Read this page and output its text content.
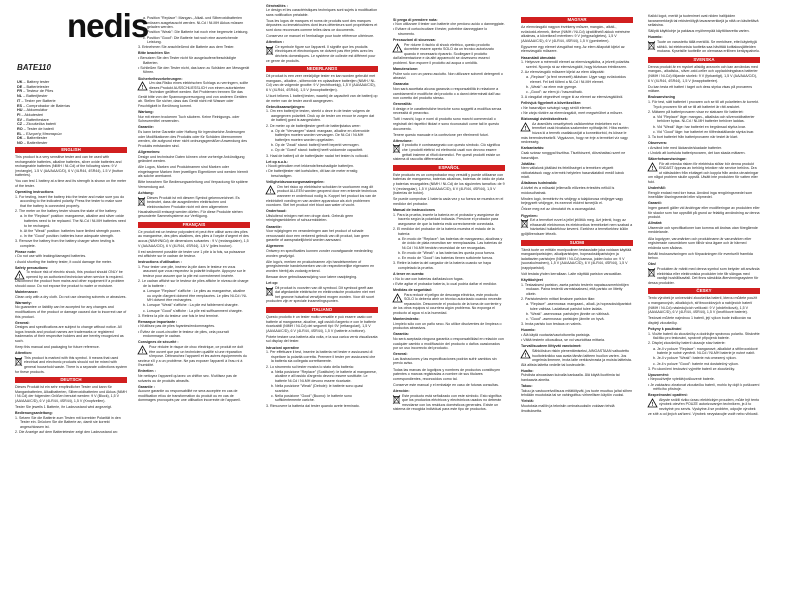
nedis
BATE110
UK – Battery tester
DE – Batterietester
FR – Testeur de Piles
NL – Batterijtester
IT – Tester per Batterie
ES – Comprobador de Baterías
HU – Akkumulátor
FI – Akkutesteri
SV – Batteritestare
CZ – Zkoušečka baterií
RO – Tester de baterii
EL – Ελεγκτής Μπαταριών
DK – Batteritester
NO – Batteritester
ENGLISH
This product is a very sensitive tester and can be used with rechargeable batteries, alkaline batteries, silver oxide batteries and rechargeable batteries (NiMH / Ni-Cd) of the following sizes: 9 V (rectangle), 1.5 V (AA/AAA/C/D), 6 V (4LR44, 4SR44), 1.5 V (button batteries).
You can test 1 battery at a time and its strength is shown on the meter of the tester.
Operating instructions
1. For testing, insert the battery into the tester and make sure you do according to the indicated polarity. Press the tester to make sure that the battery is connected properly.
2. The meter on the battery tester shows the state of the battery:
a. In the "Replace" position: manganese, alkaline and silver oxide batteries need to be replaced. The Ni-Cd / Ni-MH batteries need to be recharged.
b. At the "Weak" position: batteries have limited strength power.
c. In the "Good" position: batteries have adequate strength.
3. Remove the battery from the battery charger when testing is complete.
Please note:
• Do not use with leaking/damaged batteries.
• Avoid shorting the battery tester, it could damage the meter.
Safety precautions:
!
To reduce risk of electric shock, this product should ONLY be opened by an authorized technician when service is required. Disconnect the product from mains and other equipment if a problem should occur. Do not expose the product to water or moisture.
Maintenance:
Clean only with a dry cloth. Do not use cleaning solvents or abrasives.
Warranty:
No guarantee or liability can be accepted for any changes and modifications of the product or damage caused due to incorrect use of this product.
General:
Designs and specifications are subject to change without notice. All logos brands and product names are trademarks or registered trademarks of their respective holders and are hereby recognized as such.
Keep this manual and packaging for future reference.
Attention:
This product is marked with this symbol. It means that used electrical and electronic products should not be mixed with general household waste. There is a separate collections system for these products.
DEUTSCH
Dieses Produkt ist ein sehr empfindlicher Tester und kann für Manganbatterien, Alkalibatterien, Silberoxidbatterien und Akkus (NiMH / Ni-Cd) der folgenden Größen benutzt werden: 9 V (Block), 1,5 V (AA/AAA/C/D), 6 V (4LR44, 4SR44), 1,5 V (Knopfzellen).
Tester Sie jeweils 1 Batterie, ihr Ladezustand wird angezeigt.
Bedienungsanleitung:
1. Setzen Sie die Batterie zum Testen mit korrekter Polarität in den Tester ein. Drücken Sie die Batterie an, damit sie korrekt angeschlossen ist.
2. Die Anzeige auf dem Batterietester zeigt den Ladezustand an:
a. Position "Replace": Mangan-, Alkali- und Silberoxidbatterien müssen ausgetauscht werden. Ni-Cd / Ni-MH Akkus müssen geladen werden.
b. Position "Weak": Die Batterie hat noch eine begrenzte Leistung.
c. Position "Good": Die Batterie hat noch eine ausreichende Leistung.
3. Entnehmen Sie anschließend die Batterie aus dem Tester.
Bitte beachten Sie:
• Benutzen Sie den Tester nicht für ausgelaufene/beschädigte Batterien.
• Schließen Sie den Tester nicht, das kann zu Schäden am Messgerät führen.
Sicherheitsvorkehrungen:
!
Um das Risiko eines elektrischen Schlags zu verringern, sollte dieses Produkt AUSSCHLIESSLICH von einem autorisierten Techniker geöffnet werden. Bei Problemen trennen Sie das Gerät bitte von der Spannungsversorgung und von anderen Geräten ab. Stellen Sie sicher, dass das Gerät nicht mit Wasser oder Feuchtigkeit in Berührung kommt.
Wartung:
Nur mit einem trockenen Tuch säubern. Keine Reinigungs- oder Scheuermittel verwenden.
Garantie:
Es kann keine Garantie oder Haftung für irgendwelche Änderungen oder Modifikationen des Produkts oder für Schäden übernommen werden, die aufgrund einer nicht ordnungsgemäßen Anwendung des Produkts entstanden sind.
Allgemeines:
Design und technische Daten können ohne vorherige Ankündigung geändert werden.
Alle Logos, Marken und Produktnamen sind Marken oder eingetragene Marken ihrer jeweiligen Eigentümer und werden hiermit als solche anerkannt.
Bitte bewahren Sie Bedienungsanleitung und Verpackung für spätere Verwendung auf.
Achtung:
Dieses Produkt ist mit diesem Symbol gekennzeichnet. Es bedeutet, dass die ausgedienten elektrischen und elektronischen Produkte nicht mit dem allgemeinen Haushaltsmüll entsorgt werden dürfen. Für diese Produkte stehen gesonderte Sammelsysteme zur Verfügung.
FRANÇAIS
Ce produit est un testeur polyvalent et peut être utilisé avec des piles au manganèse, des piles alcalines, des piles à l'oxyde d'argent et des accus (NiMH/NiCd) de dimensions suivantes : 9 V (rectangulaire), 1,5 V (AA/AAA/C/D), 6 V (4LR44, 4SR44), 1,5 V (piles bouton).
Il est seulement possible de tester une 1 pile à la fois, sa puissance est affichée sur le cadran de testeur.
Instructions d'utilisation :
1. Pour tester une pile, insérez la pile dans le testeur en vous assurant que vous respectez la polarité indiquée. Appuyez sur le testeur pour assurer que la pile est correctement insérée.
2. Le cadran affiché sur le testeur de piles affiche le niveau de charge de la batterie :
a. Lorsque "Replace" s'affiche : Le piles au manganèse, alcaline ou oxyde d'argent doivent être remplacées. Le piles Ni-Cd / Ni-MH doivent être rechargées.
b. Lorsque "Weak" s'affiche : La pile est faiblement chargée.
c. Lorsque "Good" s'affiche : La pile est suffisamment chargée.
3. Retirez la pile du testeur une fois le test terminé.
Remarque importante :
• N'utilisez pas de piles fuyantes/endommagées.
• Évitez de court-circuiter le testeur de piles, cela pourrait endommager le cadran.
Consignes de sécurité :
!
Pour réduire le risque de choc électrique, ce produit ne doit être ouvert que par un technicien qualifié si une réparation s'impose. Débranchez l'appareil et les autres équipements du secteur s'il y a un problème. Ne pas exposer l'appareil à l'eau ni à l'humidité.
Entretien :
Ne nettoyez l'appareil qu'avec un chiffon sec. N'utilisez pas de solvants ou de produits abrasifs.
Garantie :
Aucune garantie ou responsabilité ne sera acceptée en cas de modification et/ou de transformation du produit ou en cas de dommages provoqués par une utilisation incorrecte de l'appareil.
Généralités :
Le design et les caractéristiques techniques sont sujets à modification sans notification préalable.
Tous les logos de marques et noms de produits sont des marques déposées ou immatriculées dont leurs détenteurs sont propriétaires et sont donc reconnues comme telles dans ce documents.
Conservez ce manuel et l'emballage pour toute référence ultérieure.
Attention :
Ce symbole figure sur l'appareil. Il signifie que les produits électriques et électroniques ne doivent pas être jetés avec les déchets domestiques. Le système de collecte est différent pour ce genre de produits.
NEDERLANDS
Dit product is een zeer veelzijdige tester en kan worden gebruikt met mangaan-, alkaline-, silberoxide en oplaadbare batterijen (NiMH / Ni-Cd) van de volgende grootte: 9 V (rechthoekig), 1,5 V (AA/AAA/C/D), 6 V (4LR44, 4SR44), 1,5 V (knoopbatterijen).
U kunt telkens 1 batterij testen, waarbij de capaciteit van de batterij op de meter van de tester wordt aangegeven.
Gebruiksaanwijzingen:
1. Om een batterij te testen, steekt u deze in de tester volgens de aangegeven polariteit. Druk op de tester om ervoor te zorgen dat de batterij goed is aangesloten.
2. De meter op de batterijtester geeft de batterijstatus weer:
a. Op de "Vervangen" stand: mangaan, alkaline en zilveroxide batterijen moeten worden vervangen. De Ni-Cd / Ni-MH batterijen moeten worden opgeladen.
b. Op de "Zwak" stand: batterij heeft beperkt vermogen.
c. Op de "Goed" stand: batterij heeft voldoende capaciteit.
3. Haal de batterij uit de batterijlader nadat het testen is voltooid.
Let op a.u.b.:
• Nooit gebruiken met lekkende/beschadigde batterijen.
• De batterijtester niet kortsluiten, dit kan de meter ernstig beschadigen.
Veiligheidsvoorzorgsmaatregelen:
!
Om het risico op elektrische schokken te voorkomen mag dit product ALLEEN worden geopend door een erkende technicus wanneer er onderhoud nodig is. Koppel het product los van de elektriciteit voeding en van andere apparatuur als zich problemen voordoen. Stel het product niet bloot aan water of vocht.
Onderhoud:
Uitsluitend reinigen met een droge doek. Gebruik geen reinigingsmiddelen of schuurmiddelen.
Garantie:
Voor wijzigingen en veranderingen aan het product of schade veroorzaakt door een verkeerd gebruik van dit product, kan geen garantie of aansprakelijkheid worden aanvaard.
Algemeen:
Ontwerp en specificaties kunnen zonder voorafgaande mededeling worden gewijzigd.
Alle logo's, merken en productnamen zijn handelsmerken of geregistreerde handelsmerken van de respectievelijke eigenaren en worden hierbij als zodanig erkend.
Bewaar deze gebruiksaanwijzing voor latere raadpleging.
Let op:
Dit product is voorzien van dit symbool. Dit symbool geeft aan dat afgedankte elektrische en elektronische producten niet met het gewone huisafval verwijderd mogen worden. Voor dit soort producten zijn er speciale inzamelingspunten.
ITALIANO
Questo prodotto è un tester molto versatile e può essere usato con batterie al manganese, alcaline, agli ossidi d'argento e con le batterie ricaricabili (NiMH / Ni-Cd) dei seguenti tipi: 9V (rettangolari), 1,5 V (AA/AAA/C/D), 6 V (4LR44, 4SR44), 1,5 V (batterie a bottone).
Potete testare una batteria alla volta, e la sua carica verrà visualizzata sul display del tester.
Istruzioni operative
1. Per effettuare il test, inserire la batteria nel tester e assicurarsi di rispettare la polarità corretta. Premere il tester per assicurarsi che la batteria sia collegata correttamente.
2. Lo strumento sul tester mostra lo stato della batteria:
a. Nella posizione "Replace" (Sostituire): le batterie al manganese, alcaline e all'ossido d'argento devono essere sostituite. Le batterie Ni-Cd / Ni-MH devono essere ricaricate.
b. Nella posizione "Weak" (Debole): le batterie sono quasi scariche.
c. Nella posizione "Good" (Buono): le batterie sono sufficientemente cariche.
3. Rimuovere la batteria dal tester quando avete terminato.
Si prega di prendere nota:
• Non utilizzare il tester con batterie che perdono acido o danneggiate.
• Evitare di cortocircuitare il tester, potrebbe danneggiare lo strumento.
Precauzioni di sicurezza:
!
Per ridurre il rischio di shock elettrico, questo prodotto dovrebbe essere aperto SOLO da un tecnico autorizzato quando è necessario ripararlo. Scollegare il prodotto dall'alimentazione e da altri apparecchi se dovessero esserci problemi. Non esporre il prodotto ad acqua o umidità.
Manutenzione:
Pulire solo con un panno asciutto. Non utilizzare solventi detergenti o abrasivi.
Garanzia:
Non sarà accettata alcuna garanzia o responsabilità in relazione a cambiamenti e modifiche del prodotto o a danni determinati dall'uso non corretto del prodotto stesso.
Generalità:
Il design e le caratteristiche tecniche sono soggetti a modifica senza necessità di preavviso.
Tutti i marchi, logo e nomi di prodotto sono marchi commerciali o registrati dei rispettivi titolari e sono riconosciuti come tali in questo documento.
Tenere questo manuale e la confezione per riferimenti futuri.
Attenzione:
Il prodotto è contrassegnato con questo simbolo. Ciò significa che i prodotti elettrici ed elettronici usati non devono essere gettati insieme ai rifiuti domestici. Per questi prodotti esiste un sistema di raccolta differenziata.
ESPAÑOL
Este producto es un comprobador muy versátil y puede utilizarse con baterías de manganeso, baterías alcalinas, baterías de óxido de plata y baterías recargables (NiMH / Ni-Cd) de los siguientes tamaños: de 9 V (rectangular), 1,5 V (AA/AAA/C/D), 6 V (4LR44, 4SR44), 1,5 V (baterías de botón).
Se puede comprobar 1 batería cada vez y su fuerza se muestra en el medidor del probador.
Manual de instrucciones
1. Para la prueba, inserte la batería en el probador y asegúrese de hacerlo según la polaridad indicada. Presione el probador para asegurarse de que la batería está correctamente conectada.
2. El medidor del probador de la batería muestra el estado de la batería:
a. En modo de "Replace": las baterías de manganeso, alcalinas y de óxido de plata necesitan ser reemplazadas. Las baterías de Ni-Cd / Ni-MH tendrán necesidad de ser recargadas.
b. En modo de "Weak": a las baterías les queda poca fuerza.
c. En modo de "Good": las baterías tienen suficiente fuerza.
3. Retire la batería del cargador de la batería cuando se haya completado la prueba.
A tener en cuenta:
• No lo use con baterías dañadas/con fugas.
• Evite agitar el probador batería, lo cual podría dañar el medidor.
Medidas de seguridad:
!
Para reducir el peligro de descarga eléctrica, este producto SOLO lo debería abrir un técnico autorizado cuando necesite reparación. Desconecte el producto de la toma de corriente y de los otros equipos si ocurriera algún problema. No exponga el producto al agua ni a la humedad.
Mantenimiento:
Límpielo sólo con un paño seco. No utilice disolventes de limpieza o productos abrasivos.
Garantía:
No será aceptada ninguna garantía o responsabilidad en relación con cualquier cambio o modificación del producto o daños ocasionados por un uso incorrecto del producto.
General:
Las ilustraciones y las especificaciones podrán sufrir cambios sin previo aviso.
Todas las marcas de logotipos y nombres de productos constituyen patentes o marcas registradas a nombre de sus titulares correspondientes, reconocidos como tal.
Conserve este manual y el embalaje en caso de futuras consultas.
Atención:
Este producto está señalizado con este símbolo. Esto significa que los productos eléctricos y electrónicos usados no deberán mezclarse con los residuos domésticos generales. Existe un sistema de recogida individual para este tipo de productos.
MAGYAR
Az elemvizsgáló nagyon érzékeny műszer, mangán-, alkáli-, ezüstoxid-elemek, illetve (NiMH / Ni-Cd) újratölthető akkuk mérésére alkalmas, a következő méretben: 9 V (négyszögletes), 1,5 V (AA/AAA/C/D), 6 V (4LR44, 4SR44), 1,5 V (gombelem).
Egyszerre egy elemet vizsgálhat meg. Az elem állapotát kijelzi az elemvizsgáló műszere.
Használati útmutató:
1. Helyezze a mérendő elemet az elemvizsgálóba, a jelzett polaritás szerint. Nyomja rá az elemvizsgálót, hogy biztosan érintkezzen.
2. Az elemvizsgáló műszere kijelzi az elem állapotát:
a. „Replace" (a fent nevezett) állásban: Ugye vagy ezüstoxidos elemet. Fel kell tölteni a Ni-Cd / Ni-MH elemet.
b. „Weak": az elem már gyenge.
c. „Good": az elem jó / használható.
3. A vizsgálat végeztével vegye ki az elemet az elemvizsgálóból.
Felhívjuk figyelmét a következőkre:
• Ne használjon szivárgó vagy sérült elemet.
• Ne zárja rövidre az elemvizsgálót, mert megsérülhet a műszer.
Biztonsági óvintézkedések:
!
Az áramütés veszélyének csökkentése érdekében ezt a terméket csak hivatalos szakember nyithatja fel. Hiba esetén húzza ki a termék csatlakozóját a konnektorból, és kösse le más berendezésekről. Vigyázzon, hogy ne érje a terméket víz vagy nedvesség.
Karbantartás:
Csak száraz ronggyal tisztítsa. Tisztítószert, dörzshatású szert ne használjon.
Jótállás:
Nem vállalunk jótállást és felelősséget a terméken végzett változtatások vagy a termék helytelen használatából eredő károk miatt.
Általános tudnivalók:
A kivitel és a műszaki jellemzők előzetes értesítés nélkül is módosulhatnak.
Minden logó, termékrév és védjegy a tulajdonosa védjegye vagy bejegyzett védjegye, és ezennel ekként ismerjük el.
Őrizze meg ezt az útmutatót és a csomagolást.
Figyelem:
Ezt a terméket ezzel a jellel jelöltük meg. Azt jelenti, hogy az elhasznált elektromos és elektronikus termékeket nem szabad a háztartási hulladékhoz keverni. Ezekhez a termékekhez külön gyűjtőrendszer létezik.
SUOMI
Tämä tuote on erittäin monipuolinen testauslaite joka voidaan käyttää mangaaniparistojen, alkaliparistojen, hopeaoksidiparistojen ja ladattavien paristojen (NiMH / Ni-Cd) kanssa, joiden koko on: 9 V (suorakulmainen), 1,5 V (AA/AAA/C/D), 6 V (4LR44, 4SR44), 1,5 V (nappiparistot).
Voit testata yhden kerrallaan. Laite näyttää pariston varaustilan.
Käyttöohjeet
1. Testaaksesi pariston, aseta paristo testerin napaisuusmerkintöjen mukaan. Paina testeriä varmistaaksesi, että paristo on liitetty oikein.
2. Paristotesterin mittari ilmaisee pariston tilan:
a. "Replace" -asennossa: mangaani-, alkali- ja hopeaoksidiparistot tulee vaihtaa. Ladattavat paristot tulee ladata.
b. "Weak" -asennossa: paristojen jännite on vähissä.
c. "Good" -asennossa: paristojen jännite on hyvä.
3. Irrota paristo kun testaus on valmis.
Huomio:
• Älä käytä vuotavia/vaurioituneita paristoja.
• Vältä testerin oikosulkua, se voi vaurioittaa mittaria.
Turvallisuuteen liittyvät varotoimet:
!
Sähköiskun riskin pienentämiseksi, AINOASTAAN valtuutettu huoltoteknikko saa avata tämän laitteen huollon varten. Jos ongelmia ilmenee, irrota laite verkkovirrasta ja muista laitteista. Älä altista laitetta vedelle tai kosteudelle.
Huolto:
Puhdista ainoastaan kuivalla kankaalla. Älä käytä liuottimia tai hankaavia aineita.
Takuu:
Takuu ja vastuuvelvollisuus mitätöityvät, jos tuote muuttuu ja/tai siihen tehdään muutoksia tai se vahingoittuu virheellisen käytön vuoksi.
Yleistä:
Muutoksia malliin ja teknisiin ominaisuuksiin voidaan tehdä ilmoituksetta.
Kaikki logot, merkit ja tuotenimet ovat niiden haltijoiden tavaramerkkejä tai rekisteröityjä tavaramerkkejä ja niitä on käsiteltävä sellaisina.
Säilytä käyttöohje ja pakkaus myöhempää käyttötarvetta varten.
Huomio:
Tuote on varustettu tällä merkillä. Se merkitsee, ettei käytettyjä sähkö- tai elektronisia tuotteita saa hävittää kotitalousjätteiden mukana. Kyseisille tuotteille on olemassa erillinen keräyspalvelu.
SVENSKA
Denna produkt är en mycket allsidig avsnorin och kan användas med mangan-, alkaliska-, silver-oxid-celler och uppladdningsbara batterier (NiMH / Ni-Cd) följande storlek: 9 V (fyrkantigt), 1,5 V (AA/AAA/C/D), 6 V (4LR44, 4SR44), 1,5 V (knappbatterier).
Du kan testa ett batteri i taget och dess styrka visas på provarens mätare.
Bruksanvisning
1. För test, sätt batteriet i provaren och se till att polariteten är korrekt. Tryck provaren för att se till att batteriet är rätt anslutet.
2. Mätaren på batteriprovaren visar ev statusen för batteriet:
a. Vid "Replace" läge: mangan-, alkaliska och silveroxidbatterier behöver bytas. Ni-Cd / Ni-MH batterier behöver laddas.
b. Vid "Weak" läge: har batteriet en begränsad styrka kvar.
c. Vid "Good" läge: har batteriet en tillfredsställande styrka kvar.
3. Ta bort batteriet från batteriprovaren när testet är klart.
Observera:
• Använd inte med läckande/skadade batterier.
• Undvik att kortsluta batteriprovaren, det kan skada mätaren.
Säkerhetsanvisningar:
!
För att minska risken för elektriska stötar bör denna produkt ENDAST öppnas av behörig tekniker när service behövs. Dra ut nätsladden från eluttaget och koppla från andra utrustningar om något problem skulle uppstå. Utsätt inte produkten för vatten eller fukt.
Underhåll:
Rengör endast med torr trasa. Använd inga rengöringsmedel som innehåller lösningsmedel eller slipmedel.
Garanti:
Ingen garanti gäller vid ändringar eller modifieringar av produkten eller för skador som har uppstått på grund av felaktig användning av denna produkt.
Allmänt:
Utseende och specifikationer kan komma att ändras utan föregående meddelande.
Alla logotyper, varumärken och produktnamn är varumärken eller registrerade varumärken som tillhör sina ägare och är härmed erkända som sådana.
Behåll bruksanvisningen och förpackningen för eventuellt framtida behov.
Obs!
Produkten är märkt med denna symbol som betyder att använda elektriska eller elektroniska produkter inte får slängas med vanligt hushållsavfall. Det finns särskilda återvinningssystem för dessa produkter.
ČESKY
Tento výrobek je univerzální zkoušečka baterií, kterou můžete použít u manganových, alkalických, stříbrooxidových a nabíjecích baterií (NiMH / Ni-Cd) následujících velikostí: 9 V (obdélníková), 1,5 V (AA/AAA/C/D), 6 V (4LR44, 4SR44), 1,5 V (knoflíkové baterie).
Testovat můžete najednou 1 baterii, její výkon bude indikován na displeji zkoušečky.
Pokyny k používání
1. Vložte baterii do zkoušečky a dodržujte správnou polaritu. Stiskněte tlačítko pro testování, správně připojená baterie.
2. Displej zkoušečky baterií ukazuje stav baterie:
a. Je-li v poloze "Replace": manganové, alkalické a stříbrooxidové baterie je nutné vyměnit. Ni-Cd / Ni-MH baterie je nutné nabít.
b. Je-li v poloze "Weak": baterie má omezený výkon.
c. Je-li v poloze "Good": baterie má dostatečný výkon.
3. Po ukončení testování vyjměte baterii ze zkoušečky.
Upozornění:
• Nepoužívejte vyteklé/poškozené baterie.
• Je zakázáno zkratovat zkoušečku baterií, mohlo by dojít k poškození měřicího přístroje.
Bezpečnostní opatření:
!
Abyste snížili riziko úrazu elektrickým proudem, může být tento výrobek otevřen POUZE autorizovaným technikem, je-li to nezbytné pro servis. Vyskytne-li se problém, odpojte výrobek ze sítě a od jiných zařízení. Výrobek nevystavujte vodě nebo vlhkosti.
